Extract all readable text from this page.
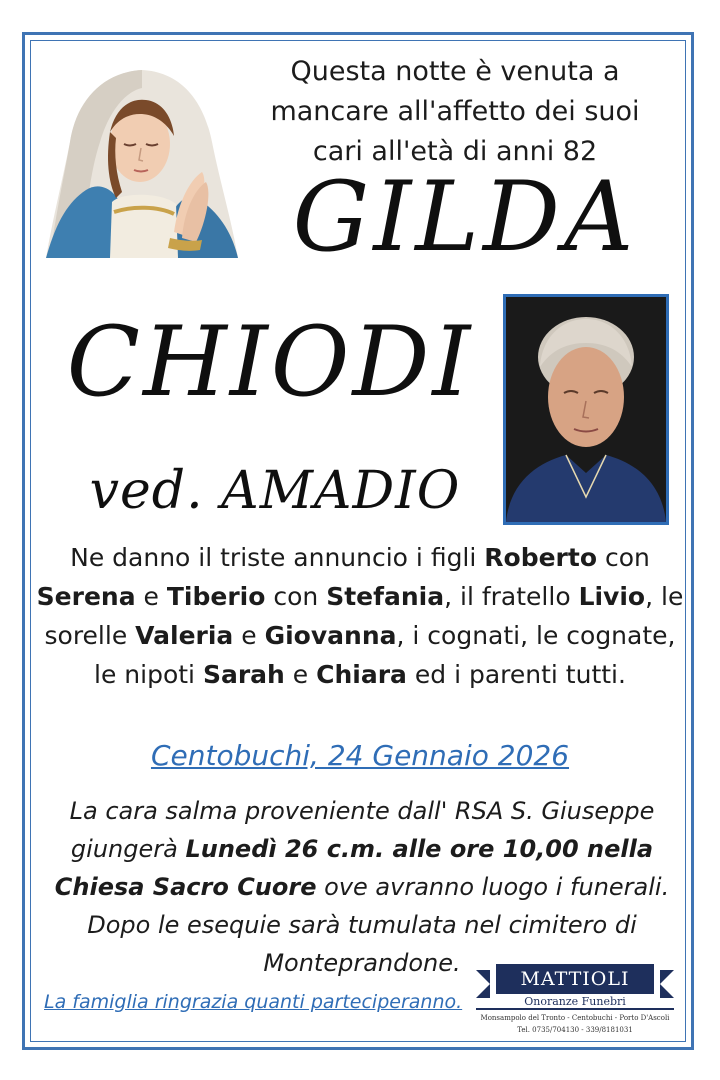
Questa notte è venuta a
mancare all'affetto dei suoi
cari all'età di anni 82
GILDA
CHIODI
ved. AMADIO
Ne danno il triste annuncio i figli Roberto con Serena e Tiberio con Stefania, il fratello Livio, le sorelle Valeria e Giovanna, i cognati, le cognate, le nipoti Sarah e Chiara ed i parenti tutti.
Centobuchi, 24 Gennaio 2026
La cara salma proveniente dall' RSA S. Giuseppe giungerà Lunedì 26 c.m. alle ore 10,00 nella Chiesa Sacro Cuore ove avranno luogo i funerali. Dopo le esequie sarà tumulata nel cimitero di Monteprandone.
La famiglia ringrazia quanti parteciperanno.
MATTIOLI
Onoranze Funebri
Monsampolo del Tronto - Centobuchi - Porto D'Ascoli
Tel. 0735/704130 - 339/8181031
